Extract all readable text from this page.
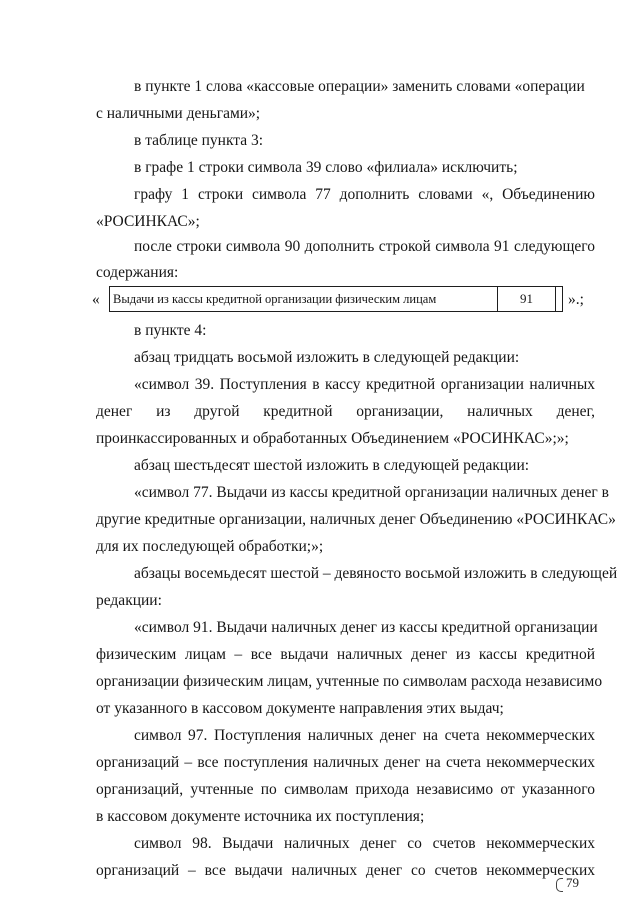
в пункте 1 слова «кассовые операции» заменить словами «операции
с наличными деньгами»;
в таблице пункта 3:
в графе 1 строки символа 39 слово «филиала» исключить;
графу 1 строки символа 77 дополнить словами «, Объединению
«РОСИНКАС»;
после строки символа 90 дополнить строкой символа 91 следующего
содержания:
« Выдачи из кассы кредитной организации физическим лицам	91	».;
в пункте 4:
абзац тридцать восьмой изложить в следующей редакции:
«символ 39. Поступления в кассу кредитной организации наличных
денег из другой кредитной организации, наличных денег,
проинкассированных и обработанных Объединением «РОСИНКАС»;»;
абзац шестьдесят шестой изложить в следующей редакции:
«символ 77. Выдачи из кассы кредитной организации наличных денег в
другие кредитные организации, наличных денег Объединению «РОСИНКАС»
для их последующей обработки;»;
абзацы восемьдесят шестой – девяносто восьмой изложить в следующей
редакции:
«символ 91. Выдачи наличных денег из кассы кредитной организации
физическим лицам – все выдачи наличных денег из кассы кредитной
организации физическим лицам, учтенные по символам расхода независимо
от указанного в кассовом документе направления этих выдач;
символ 97. Поступления наличных денег на счета некоммерческих
организаций – все поступления наличных денег на счета некоммерческих
организаций, учтенные по символам прихода независимо от указанного
в кассовом документе источника их поступления;
символ 98. Выдачи наличных денег со счетов некоммерческих
организаций – все выдачи наличных денег со счетов некоммерческих
79
